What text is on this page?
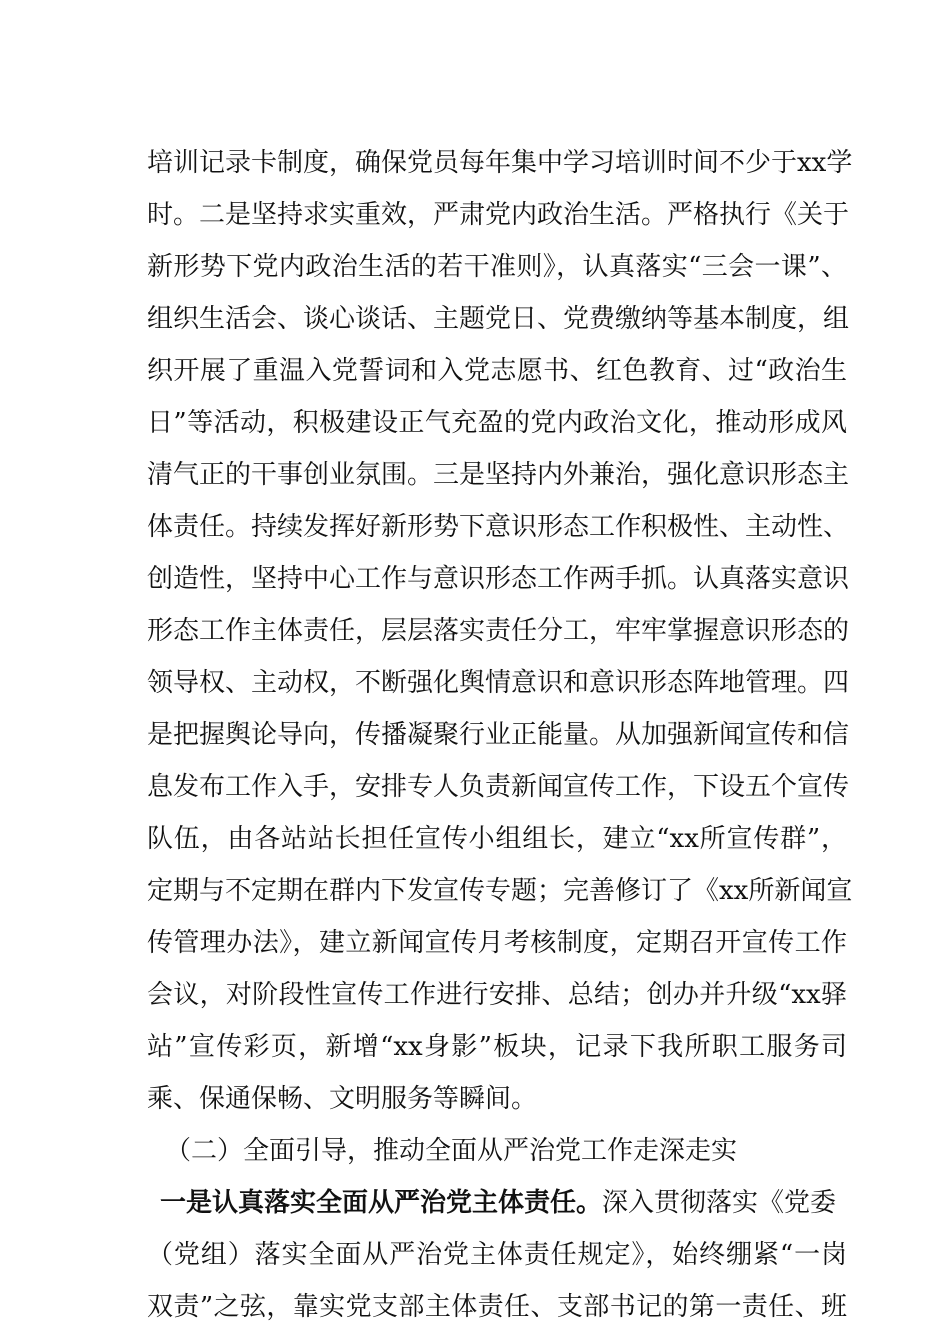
培训记录卡制度，确保党员每年集中学习培训时间不少于xx学
时。二是坚持求实重效，严肃党内政治生活。严格执行《关于
新形势下党内政治生活的若干准则》，认真落实“三会一课”、
组织生活会、谈心谈话、主题党日、党费缴纳等基本制度，组
织开展了重温入党誓词和入党志愿书、红色教育、过“政治生
日”等活动，积极建设正气充盈的党内政治文化，推动形成风
清气正的干事创业氛围。三是坚持内外兼治，强化意识形态主
体责任。持续发挥好新形势下意识形态工作积极性、主动性、
创造性，坚持中心工作与意识形态工作两手抓。认真落实意识
形态工作主体责任，层层落实责任分工，牢牢掌握意识形态的
领导权、主动权，不断强化舆情意识和意识形态阵地管理。四
是把握舆论导向，传播凝聚行业正能量。从加强新闻宣传和信
息发布工作入手，安排专人负责新闻宣传工作，下设五个宣传
队伍，由各站站长担任宣传小组组长，建立“xx所宣传群”，
定期与不定期在群内下发宣传专题；完善修订了《xx所新闻宣
传管理办法》，建立新闻宣传月考核制度，定期召开宣传工作
会议，对阶段性宣传工作进行安排、总结；创办并升级“xx驿
站”宣传彩页，新增“xx身影”板块，记录下我所职工服务司
乘、保通保畅、文明服务等瞬间。
（二）全面引导，推动全面从严治党工作走深走实
一是认真落实全面从严治党主体责任。深入贯彻落实《党委
（党组）落实全面从严治党主体责任规定》，始终绷紧“一岗
双责”之弦，靠实党支部主体责任、支部书记的第一责任、班
